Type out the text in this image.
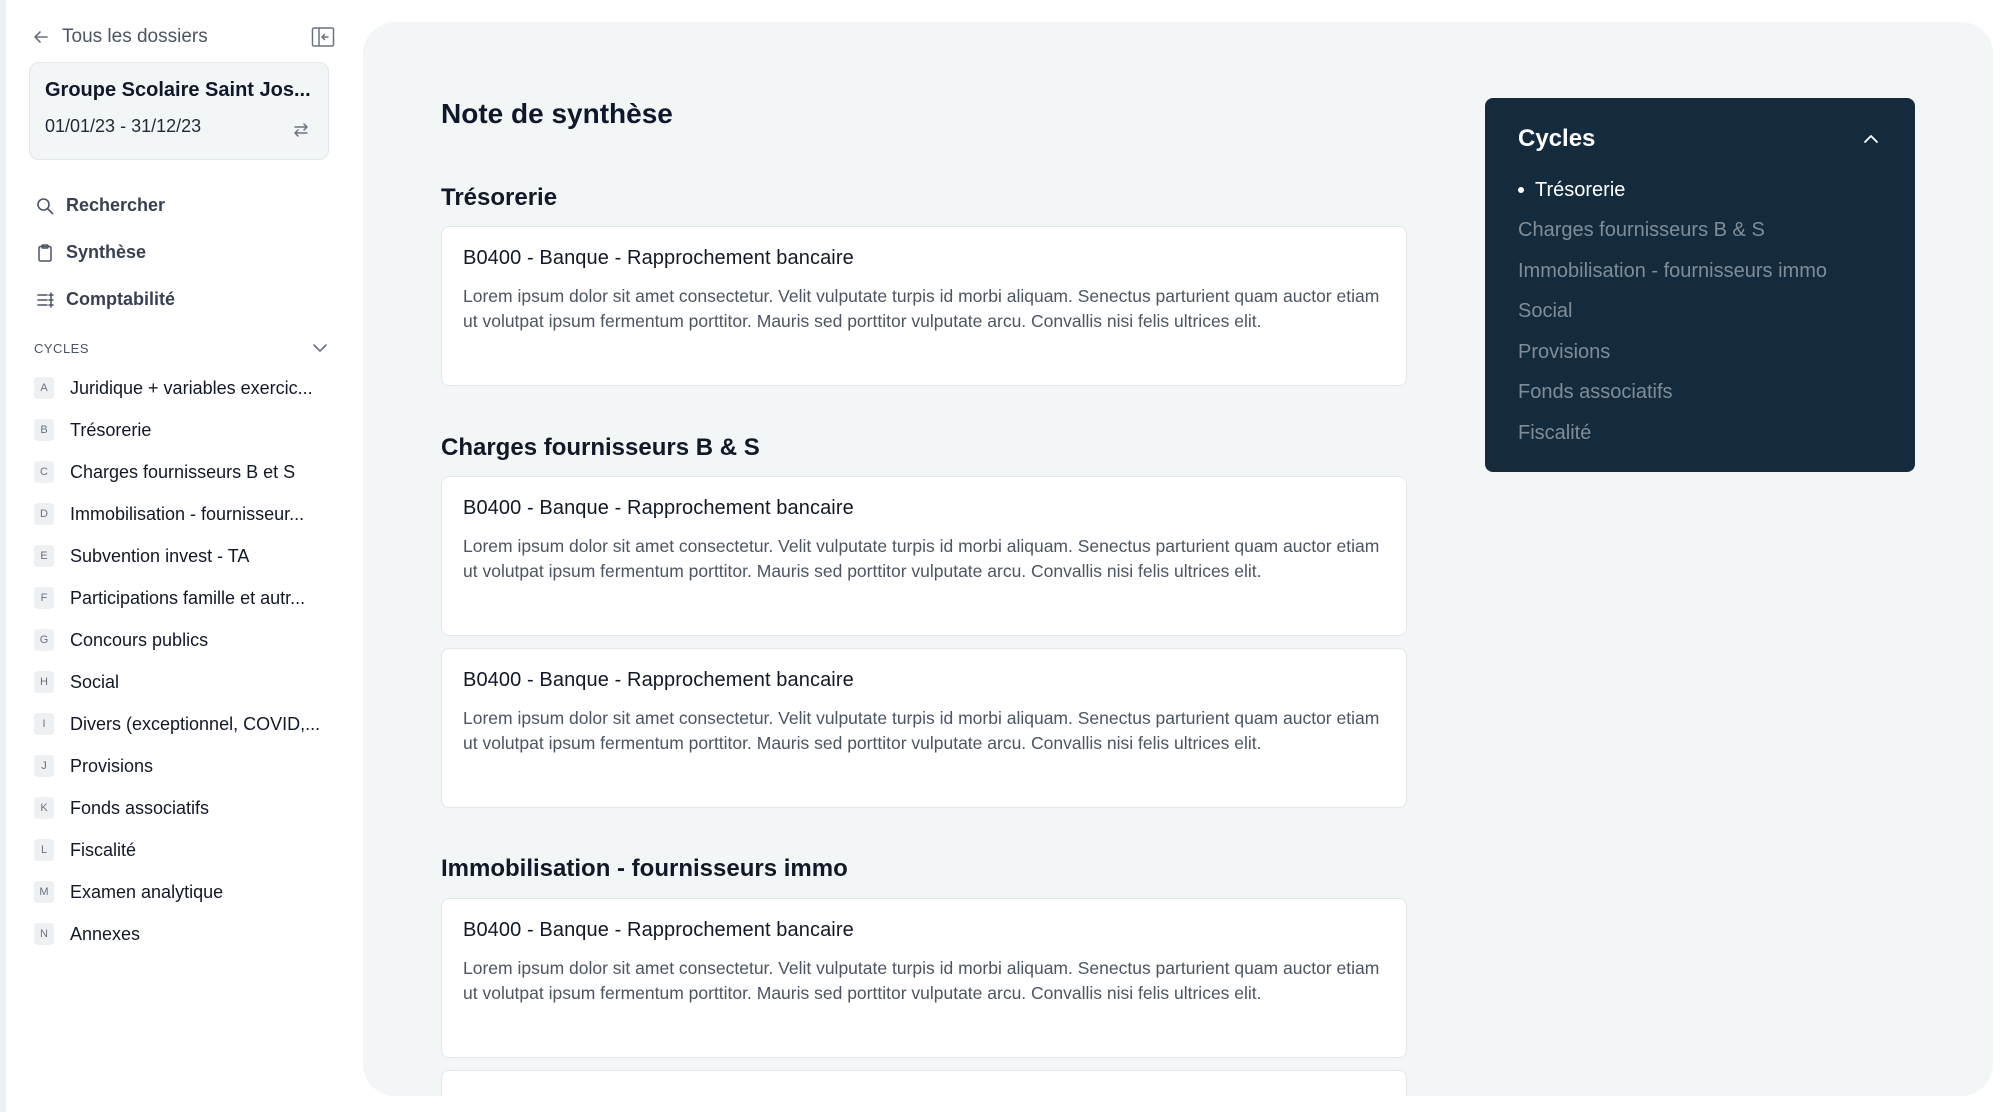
Tous les dossiers
Groupe Scolaire Saint Jos...
01/01/23 - 31/12/23
Rechercher
Synthèse
Comptabilité
CYCLES
A	Juridique + variables exercic...
B	Trésorerie
C	Charges fournisseurs B et S
D	Immobilisation - fournisseur...
E	Subvention invest - TA
F	Participations famille et autr...
G	Concours publics
H	Social
I	Divers (exceptionnel, COVID,...
J	Provisions
K	Fonds associatifs
L	Fiscalité
M	Examen analytique
N	Annexes
Note de synthèse
Trésorerie
B0400 - Banque - Rapprochement bancaire
Lorem ipsum dolor sit amet consectetur. Velit vulputate turpis id morbi aliquam. Senectus parturient quam auctor etiam ut volutpat ipsum fermentum porttitor. Mauris sed porttitor vulputate arcu. Convallis nisi felis ultrices elit.
Charges fournisseurs B & S
B0400 - Banque - Rapprochement bancaire
Lorem ipsum dolor sit amet consectetur. Velit vulputate turpis id morbi aliquam. Senectus parturient quam auctor etiam ut volutpat ipsum fermentum porttitor. Mauris sed porttitor vulputate arcu. Convallis nisi felis ultrices elit.
B0400 - Banque - Rapprochement bancaire
Lorem ipsum dolor sit amet consectetur. Velit vulputate turpis id morbi aliquam. Senectus parturient quam auctor etiam ut volutpat ipsum fermentum porttitor. Mauris sed porttitor vulputate arcu. Convallis nisi felis ultrices elit.
Immobilisation - fournisseurs immo
B0400 - Banque - Rapprochement bancaire
Lorem ipsum dolor sit amet consectetur. Velit vulputate turpis id morbi aliquam. Senectus parturient quam auctor etiam ut volutpat ipsum fermentum porttitor. Mauris sed porttitor vulputate arcu. Convallis nisi felis ultrices elit.
Cycles
Trésorerie
Charges fournisseurs B & S
Immobilisation - fournisseurs immo
Social
Provisions
Fonds associatifs
Fiscalité
